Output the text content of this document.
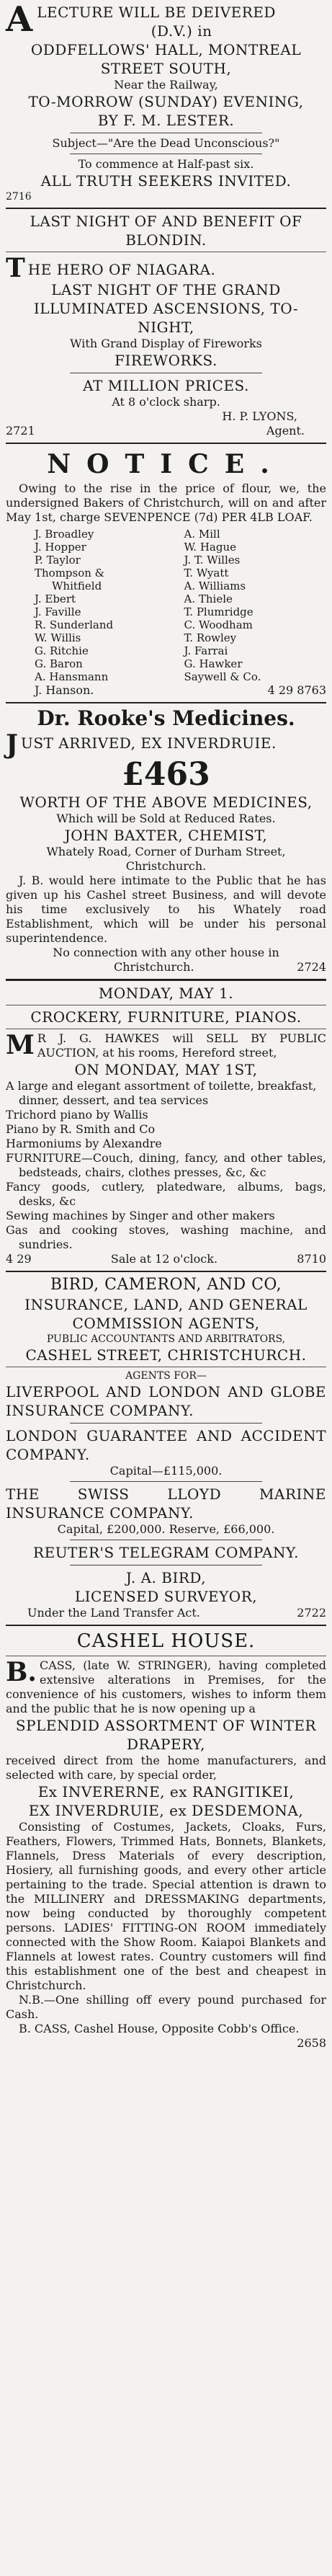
A LECTURE WILL BE DEIVERED
(D.V.) in
ODDFELLOWS' HALL, MONTREAL
STREET SOUTH,
Near the Railway,
TO-MORROW (SUNDAY) EVENING,
BY F. M. LESTER.
Subject—"Are the Dead Unconscious?"
To commence at Half-past six.
ALL TRUTH SEEKERS INVITED.
2716
LAST NIGHT OF AND BENEFIT OF
BLONDIN.
T HE HERO OF NIAGARA.
LAST NIGHT OF THE GRAND
ILLUMINATED ASCENSIONS, TO-
NIGHT,
With Grand Display of Fireworks
FIREWORKS.
AT MILLION PRICES.
At 8 o'clock sharp.
H. P. LYONS,
2721	Agent.
NOTICE.
Owing to the rise in the price of flour, we, the undersigned Bakers of Christchurch, will on and after May 1st, charge SEVENPENCE (7d) PER 4LB LOAF.
J. Broadley	A. Mill
J. Hopper	W. Hague
P. Taylor	J. T. Willes
Thompson &	T. Wyatt
Whitfield	A. Williams
J. Ebert	A. Thiele
J. Faville	T. Plumridge
R. Sunderland	C. Woodham
W. Willis	T. Rowley
G. Ritchie	J. Farrai
G. Baron	G. Hawker
A. Hansmann	Saywell & Co.
J. Hanson.	4 29 8763
Dr. Rooke's Medicines.
J UST ARRIVED, EX INVERDRUIE.
£463
WORTH OF THE ABOVE MEDICINES,
Which will be Sold at Reduced Rates.
JOHN BAXTER, CHEMIST,
Whately Road, Corner of Durham Street,
Christchurch.
J. B. would here intimate to the Public that he has given up his Cashel street Business, and will devote his time exclusively to his Whately road Establishment, which will be under his personal superintendence.
No connection with any other house in
Christchurch.	2724
MONDAY, MAY 1.
CROCKERY, FURNITURE, PIANOS.
M R J. G. HAWKES will SELL BY PUBLIC AUCTION, at his rooms, Hereford street,
ON MONDAY, MAY 1ST,
A large and elegant assortment of toilette, breakfast, dinner, dessert, and tea services
Trichord piano by Wallis
Piano by R. Smith and Co
Harmoniums by Alexandre
FURNITURE—Couch, dining, fancy, and other tables, bedsteads, chairs, clothes presses, &c, &c
Fancy goods, cutlery, platedware, albums, bags, desks, &c
Sewing machines by Singer and other makers
Gas and cooking stoves, washing machine, and sundries.
4 29	Sale at 12 o'clock.	8710
BIRD, CAMERON, AND CO,
INSURANCE, LAND, AND GENERAL
COMMISSION AGENTS,
PUBLIC ACCOUNTANTS AND ARBITRATORS,
CASHEL STREET, CHRISTCHURCH.
AGENTS FOR—
LIVERPOOL AND LONDON AND GLOBE INSURANCE COMPANY.
LONDON GUARANTEE AND ACCIDENT COMPANY.
Capital—£115,000.
THE SWISS LLOYD MARINE INSURANCE COMPANY.
Capital, £200,000. Reserve, £66,000.
REUTER'S TELEGRAM COMPANY.
J. A. BIRD,
LICENSED SURVEYOR,
Under the Land Transfer Act.	2722
CASHEL HOUSE.
B. CASS, (late W. STRINGER), having completed extensive alterations in Premises, for the convenience of his customers, wishes to inform them and the public that he is now opening up a
SPLENDID ASSORTMENT OF WINTER DRAPERY,
received direct from the home manufacturers, and selected with care, by special order,
Ex INVERERNE, ex RANGITIKEI,
EX INVERDRUIE, ex DESDEMONA,
Consisting of Costumes, Jackets, Cloaks, Furs, Feathers, Flowers, Trimmed Hats, Bonnets, Blankets, Flannels, Dress Materials of every description, Hosiery, all furnishing goods, and every other article pertaining to the trade. Special attention is drawn to the MILLINERY and DRESSMAKING departments, now being conducted by thoroughly competent persons. LADIES' FITTING-ON ROOM immediately connected with the Show Room. Kaiapoi Blankets and Flannels at lowest rates. Country customers will find this establishment one of the best and cheapest in Christchurch.
N.B.—One shilling off every pound purchased for Cash.
B. CASS, Cashel House, Opposite Cobb's Office.
2658
